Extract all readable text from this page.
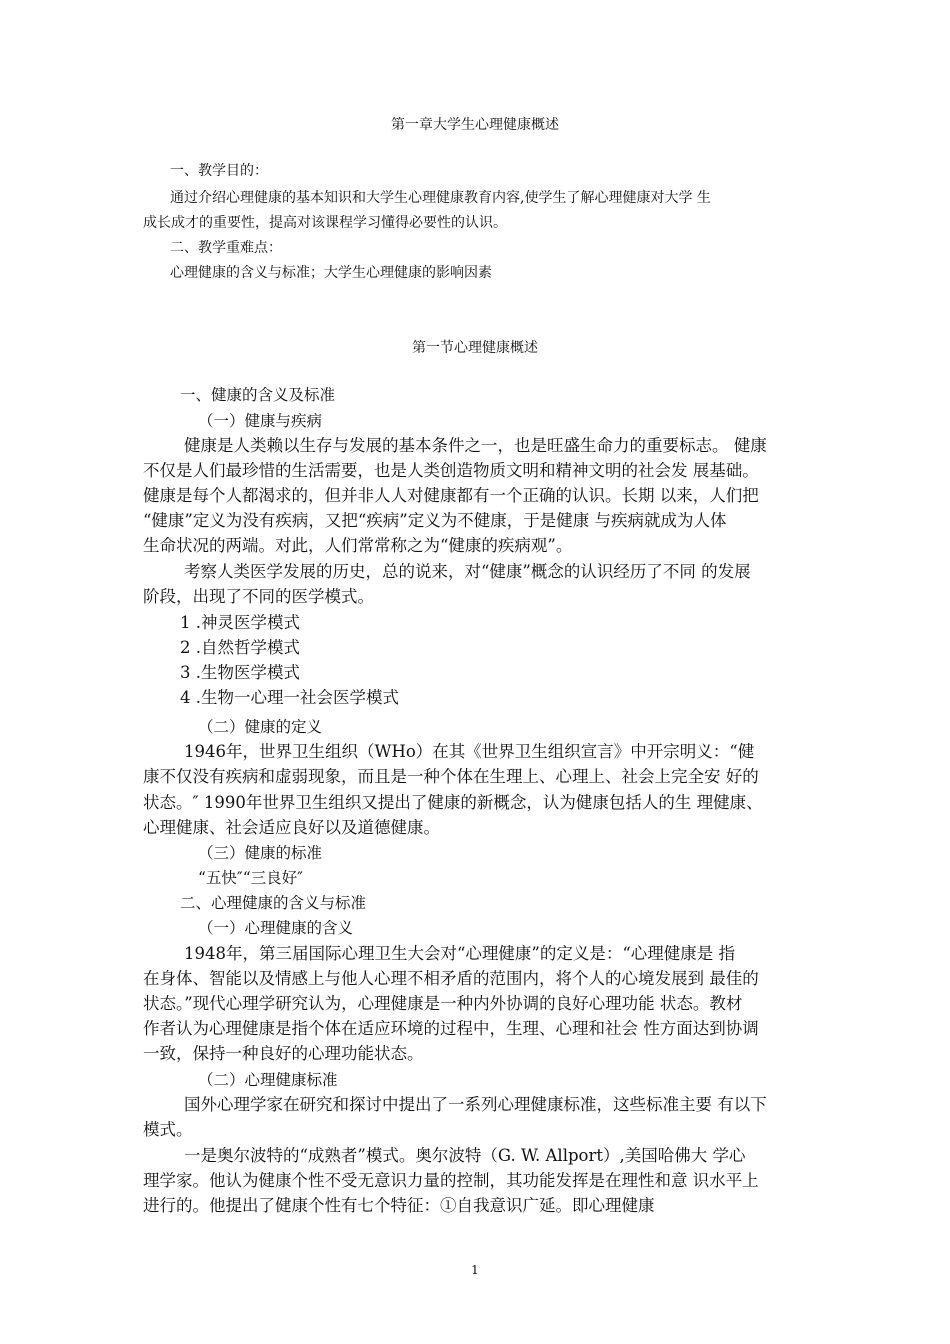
第一章大学生心理健康概述
一、教学目的：
通过介绍心理健康的基本知识和大学生心理健康教育内容,使学生了解心理健康对大学 生
成长成才的重要性，提高对该课程学习懂得必要性的认识。
二、教学重难点：
心理健康的含义与标准；大学生心理健康的影响因素
第一节心理健康概述
一、健康的含义及标准
（一）健康与疾病
健康是人类赖以生存与发展的基本条件之一，也是旺盛生命力的重要标志。 健康
不仅是人们最珍惜的生活需要，也是人类创造物质文明和精神文明的社会发 展基础。
健康是每个人都渴求的，但并非人人对健康都有一个正确的认识。长期 以来，人们把
“健康”定义为没有疾病，又把“疾病”定义为不健康，于是健康 与疾病就成为人体
生命状况的两端。对此，人们常常称之为“健康的疾病观”。
考察人类医学发展的历史，总的说来，对“健康”概念的认识经历了不同 的发展
阶段，出现了不同的医学模式。
1 .神灵医学模式
2 .自然哲学模式
3 .生物医学模式
4 .生物一心理一社会医学模式
（二）健康的定义
1946年，世界卫生组织（WHo）在其《世界卫生组织宣言》中开宗明义：“健
康不仅没有疾病和虚弱现象，而且是一种个体在生理上、心理上、社会上完全安 好的
状态。″ 1990年世界卫生组织又提出了健康的新概念，认为健康包括人的生 理健康、
心理健康、社会适应良好以及道德健康。
（三）健康的标准
“五快″“三良好″
二、心理健康的含义与标准
（一）心理健康的含义
1948年，第三届国际心理卫生大会对“心理健康”的定义是：“心理健康是 指
在身体、智能以及情感上与他人心理不相矛盾的范围内，将个人的心境发展到 最佳的
状态。”现代心理学研究认为，心理健康是一种内外协调的良好心理功能 状态。教材
作者认为心理健康是指个体在适应环境的过程中，生理、心理和社会 性方面达到协调
一致，保持一种良好的心理功能状态。
（二）心理健康标准
国外心理学家在研究和探讨中提出了一系列心理健康标准，这些标准主要 有以下
模式。
一是奥尔波特的“成熟者”模式。奥尔波特（G. W. Allport）,美国哈佛大 学心
理学家。他认为健康个性不受无意识力量的控制，其功能发挥是在理性和意 识水平上
进行的。他提出了健康个性有七个特征：①自我意识广延。即心理健康
1
